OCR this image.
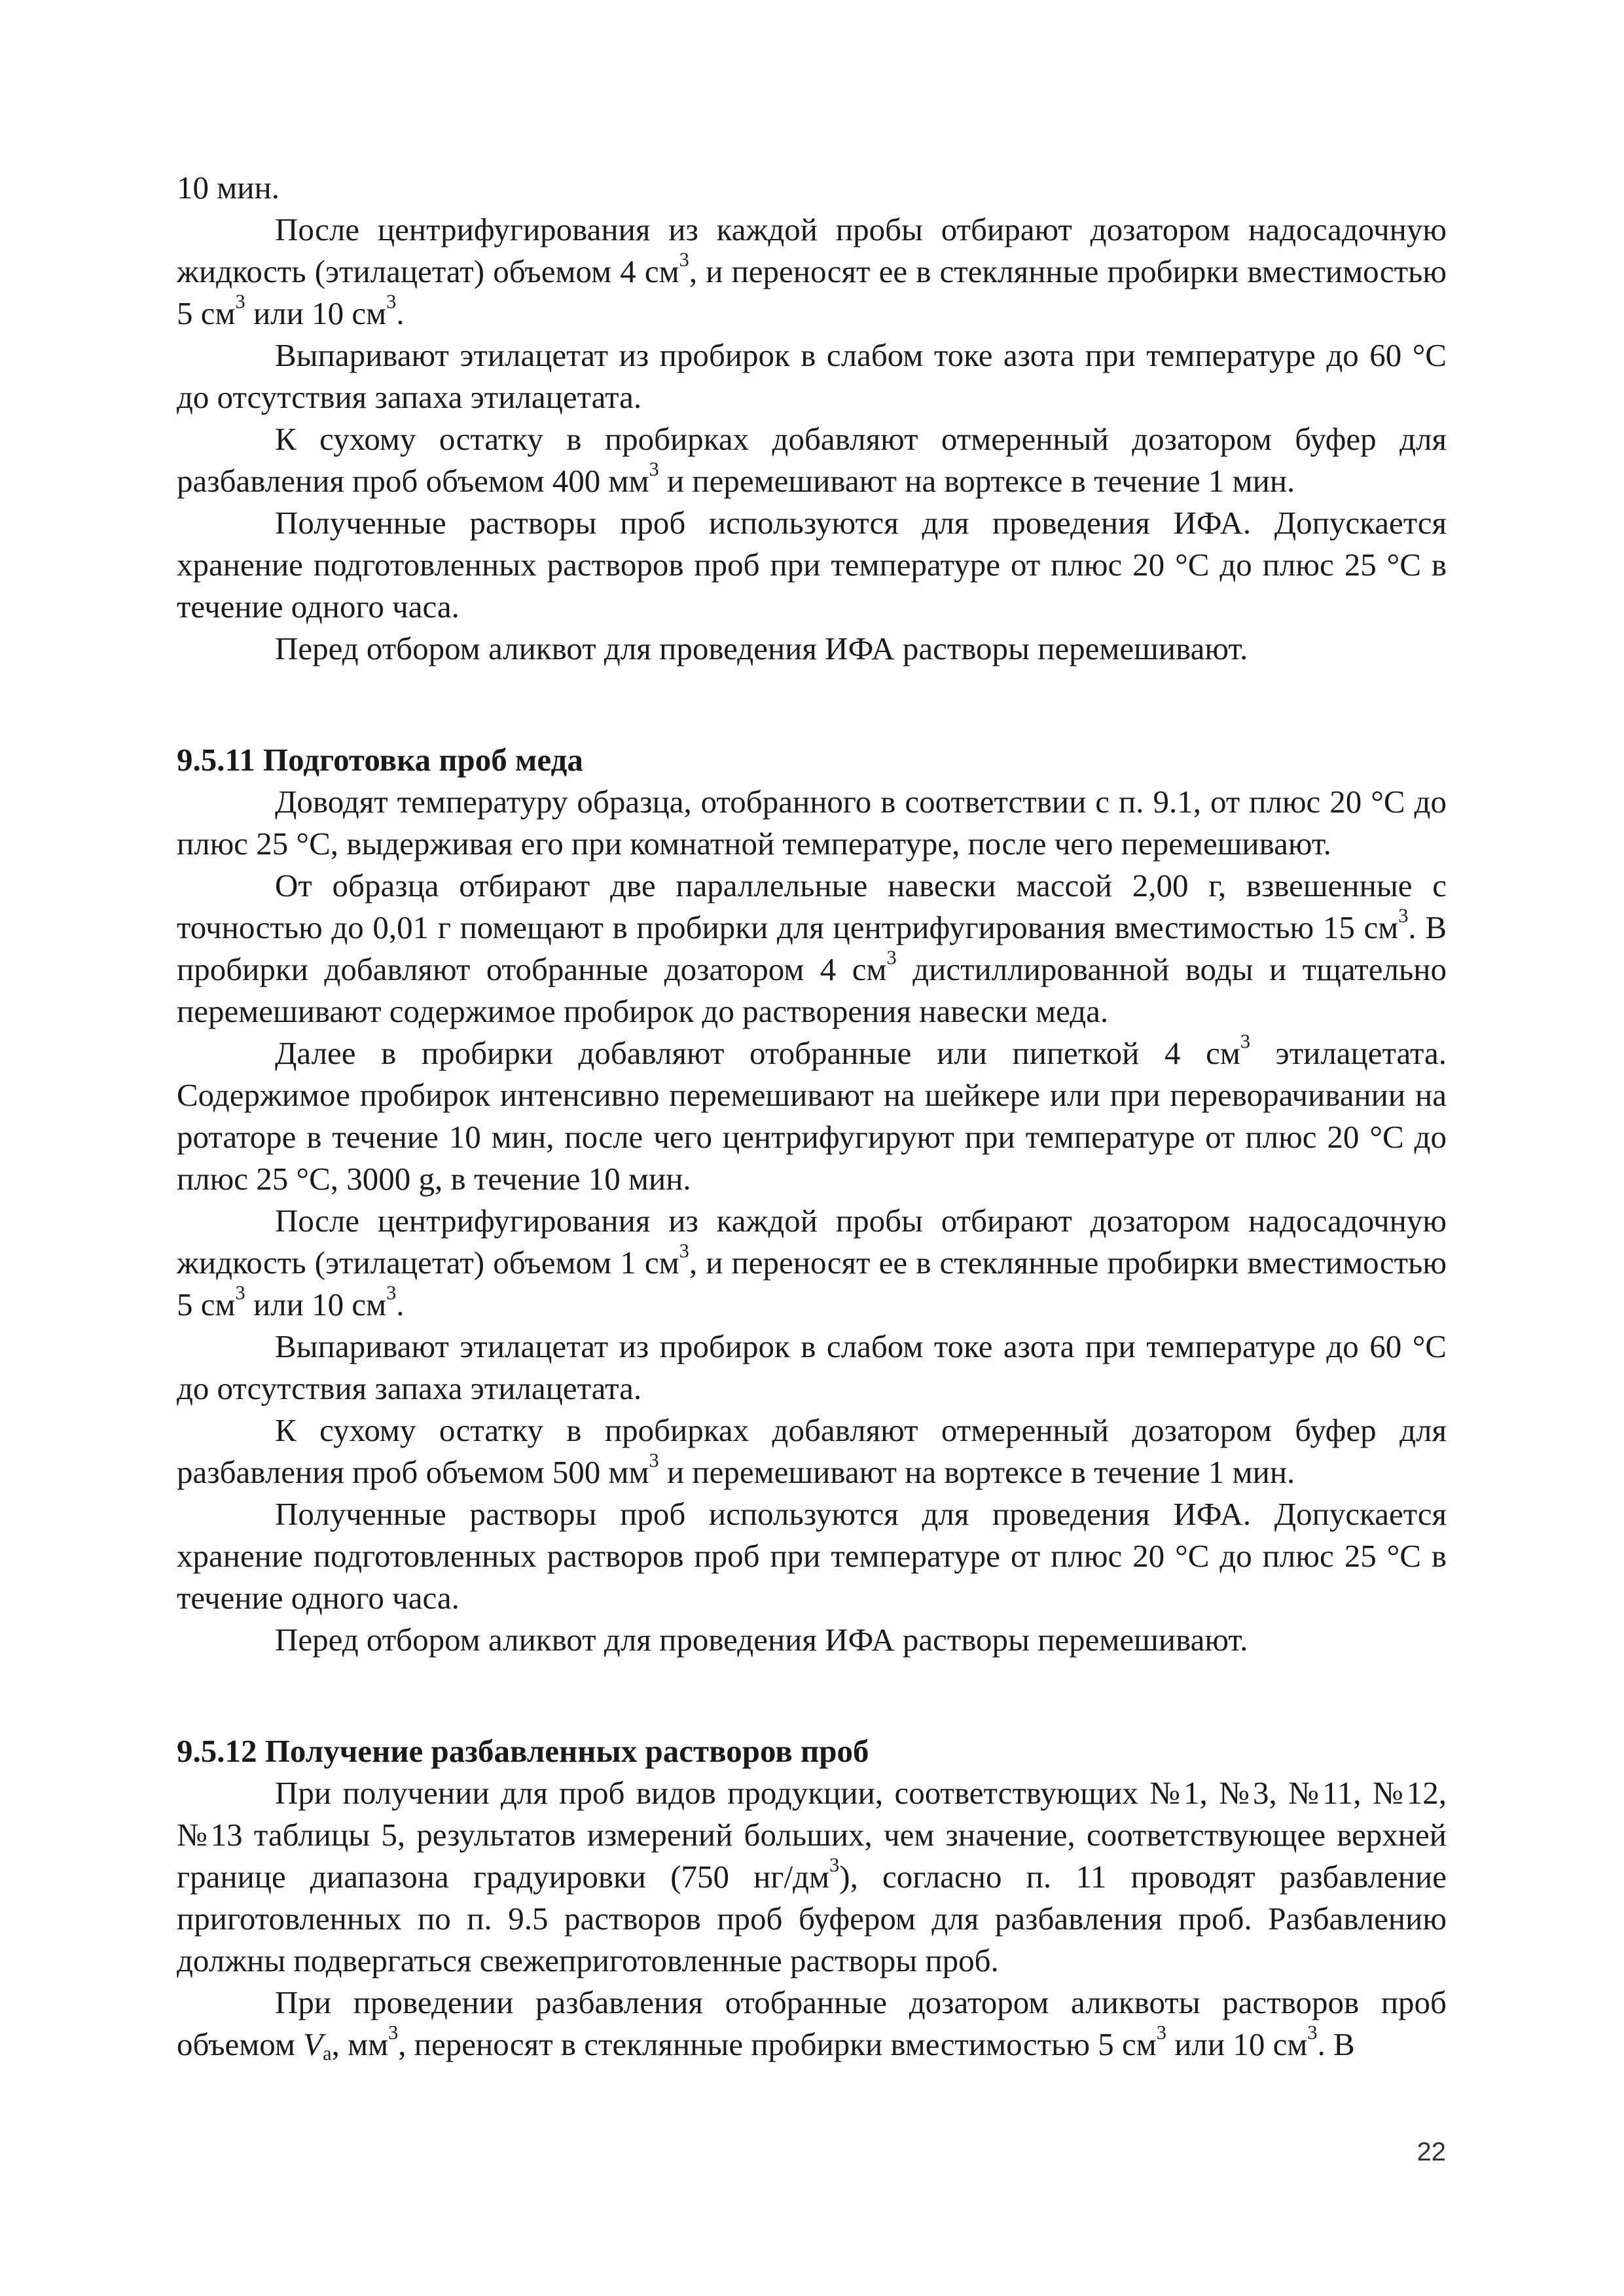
10 мин.

После центрифугирования из каждой пробы отбирают дозатором надосадочную жидкость (этилацетат) объемом 4 $см^3$, и переносят ее в стеклянные пробирки вместимостью 5 $см^3$ или 10 $см^3$.

Выпаривают этилацетат из пробирок в слабом токе азота при температуре до 60 °С до отсутствия запаха этилацетата.

К сухому остатку в пробирках добавляют отмеренный дозатором буфер для разбавления проб объемом 400 $мм^3$ и перемешивают на вортексе в течение 1 мин.

Полученные растворы проб используются для проведения ИФА. Допускается хранение подготовленных растворов проб при температуре от плюс 20 °С до плюс 25 °С в течение одного часа.

Перед отбором аликвот для проведения ИФА растворы перемешивают.

9.5.11 Подготовка проб меда

Доводят температуру образца, отобранного в соответствии с п. 9.1, от плюс 20 °С до плюс 25 °С, выдерживая его при комнатной температуре, после чего перемешивают.

От образца отбирают две параллельные навески массой 2,00 г, взвешенные с точностью до 0,01 г помещают в пробирки для центрифугирования вместимостью 15 $см^3$. В пробирки добавляют отобранные дозатором 4 $см^3$ дистиллированной воды и тщательно перемешивают содержимое пробирок до растворения навески меда.

Далее в пробирки добавляют отобранные или пипеткой 4 $см^3$ этилацетата. Содержимое пробирок интенсивно перемешивают на шейкере или при переворачивании на ротаторе в течение 10 мин, после чего центрифугируют при температуре от плюс 20 °С до плюс 25 °С, 3000 g, в течение 10 мин.

После центрифугирования из каждой пробы отбирают дозатором надосадочную жидкость (этилацетат) объемом 1 $см^3$, и переносят ее в стеклянные пробирки вместимостью 5 $см^3$ или 10 $см^3$.

Выпаривают этилацетат из пробирок в слабом токе азота при температуре до 60 °С до отсутствия запаха этилацетата.

К сухому остатку в пробирках добавляют отмеренный дозатором буфер для разбавления проб объемом 500 $мм^3$ и перемешивают на вортексе в течение 1 мин.

Полученные растворы проб используются для проведения ИФА. Допускается хранение подготовленных растворов проб при температуре от плюс 20 °С до плюс 25 °С в течение одного часа.

Перед отбором аликвот для проведения ИФА растворы перемешивают.

9.5.12 Получение разбавленных растворов проб

При получении для проб видов продукции, соответствующих №1, №3, №11, №12, №13 таблицы 5, результатов измерений больших, чем значение, соответствующее верхней границе диапазона градуировки (750 $нг/дм^3$), согласно п. 11 проводят разбавление приготовленных по п. 9.5 растворов проб буфером для разбавления проб. Разбавлению должны подвергаться свежеприготовленные растворы проб.

При проведении разбавления отобранные дозатором аликвоты растворов проб объемом $V_a$, $мм^3$, переносят в стеклянные пробирки вместимостью 5 $см^3$ или 10 $см^3$. В

22
